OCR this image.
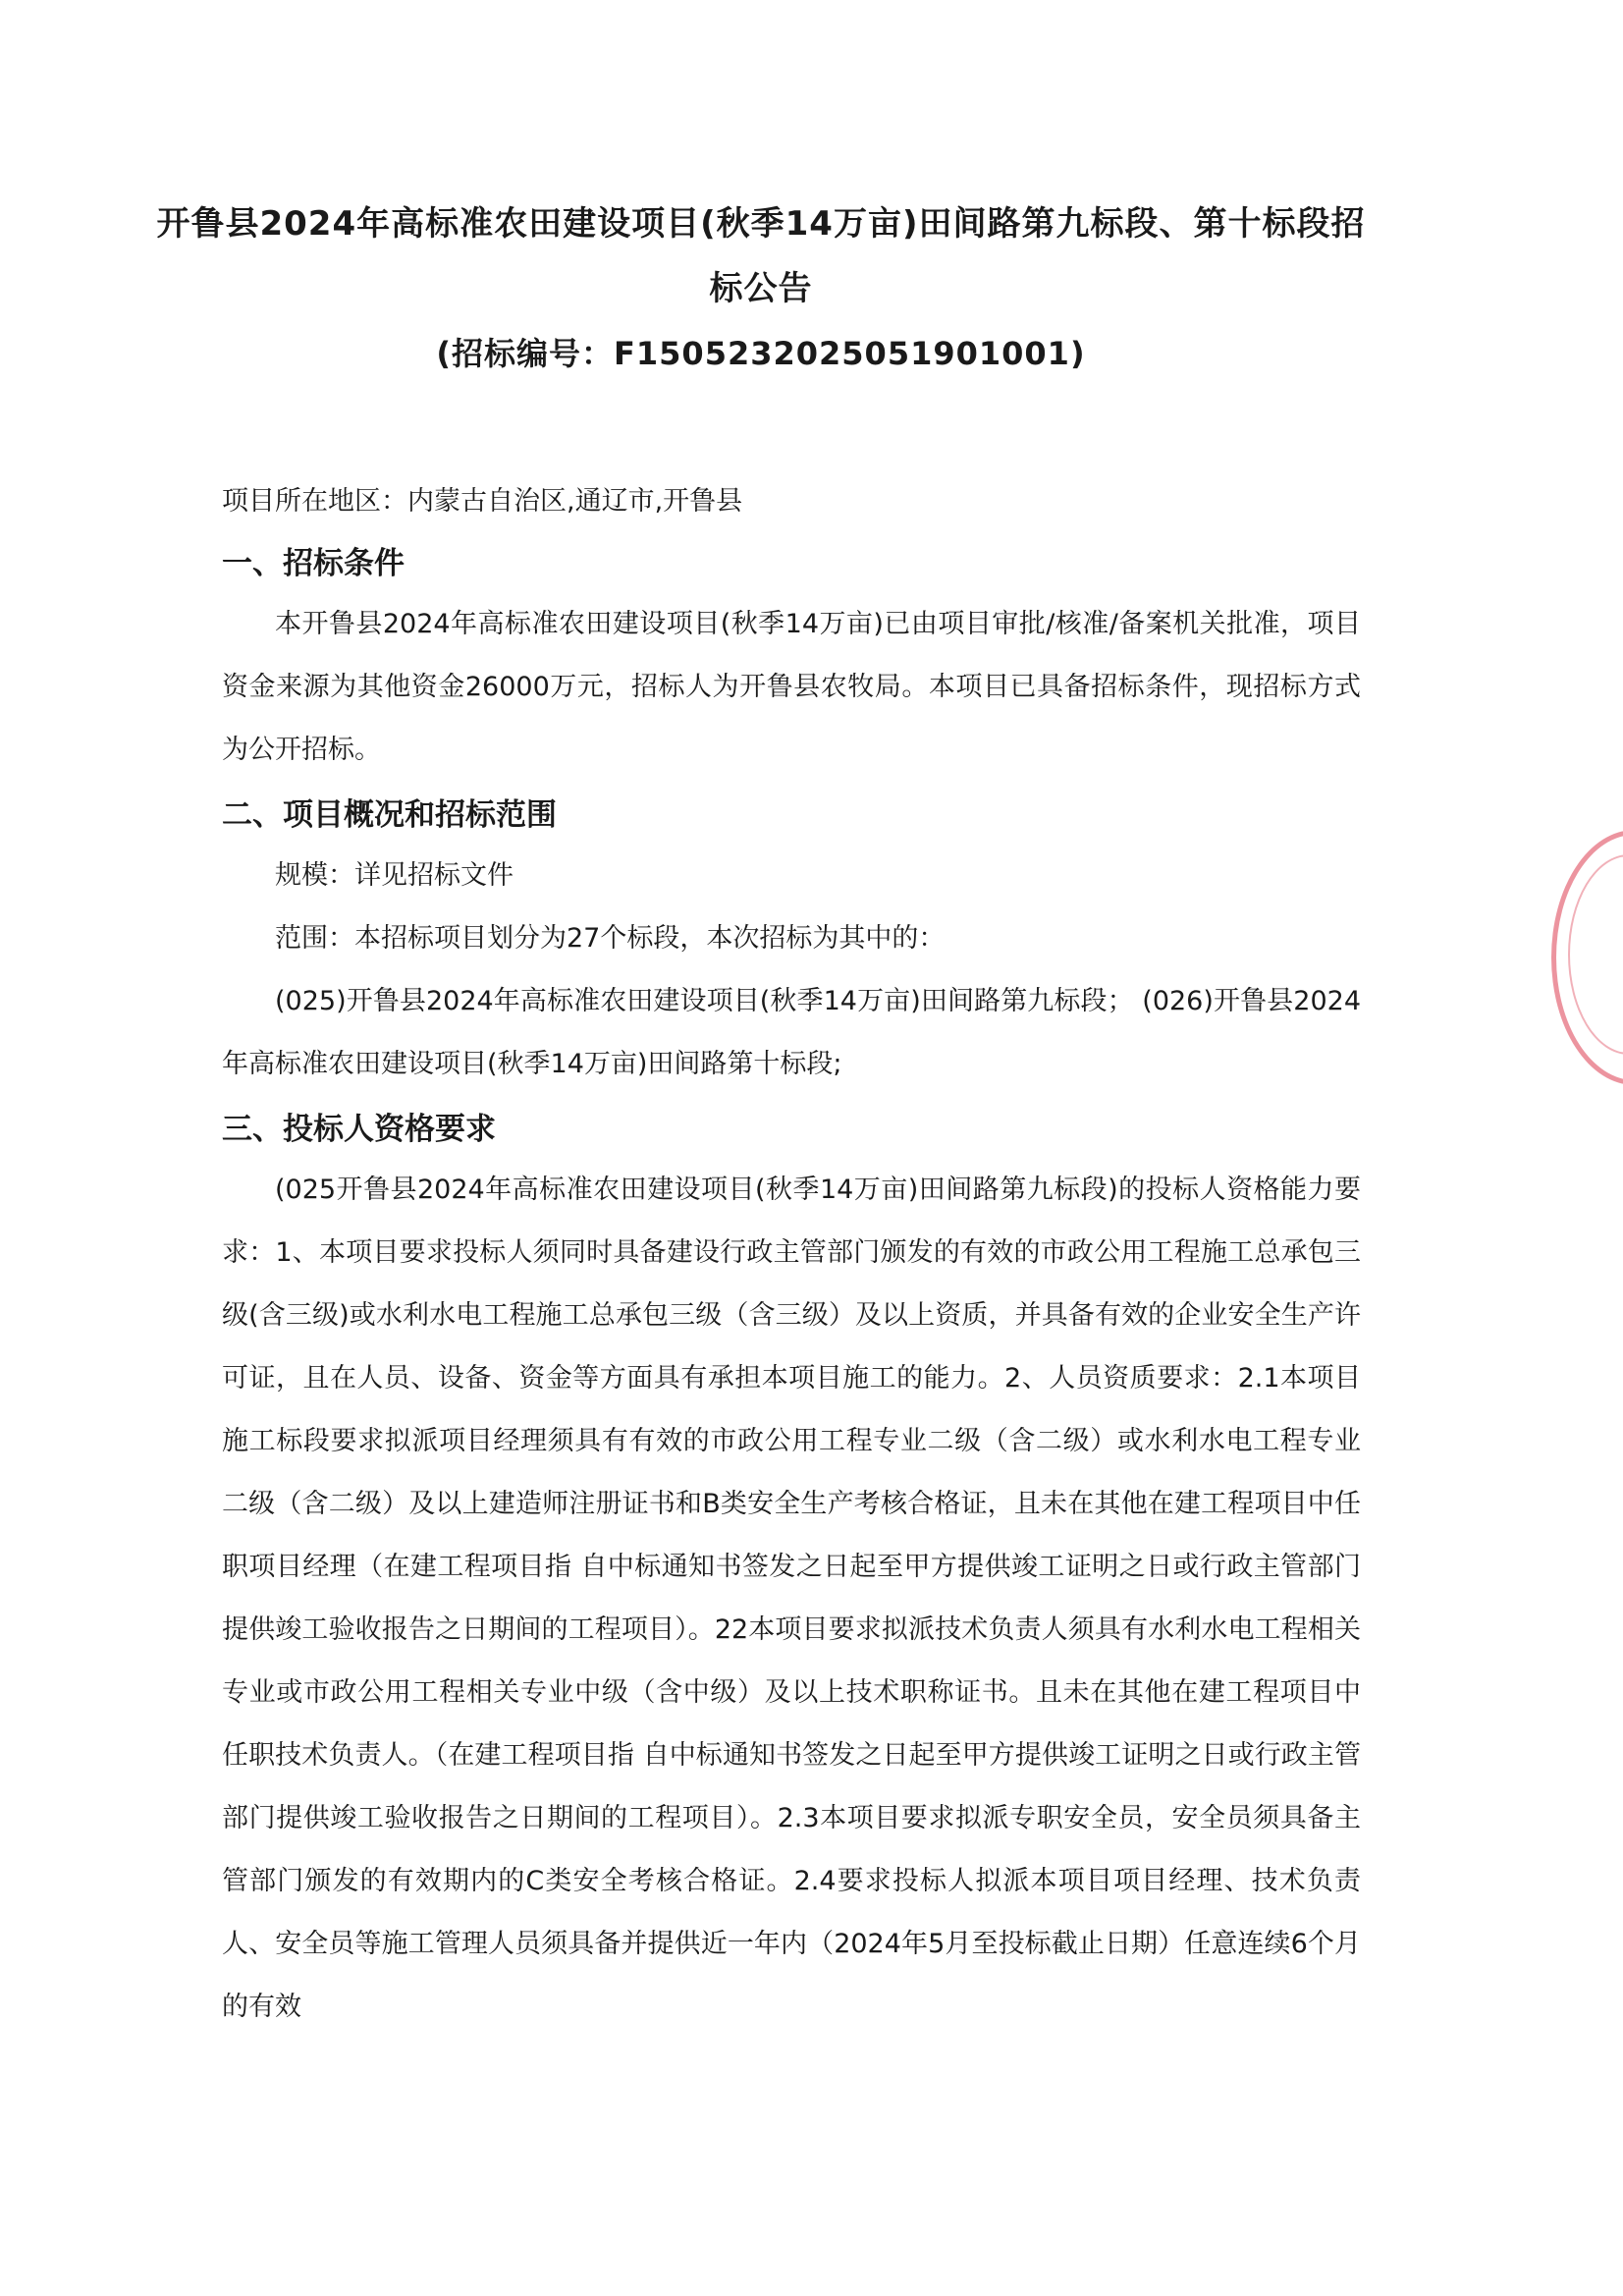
开鲁县2024年高标准农田建设项目(秋季14万亩)田间路第九标段、第十标段招
标公告
(招标编号：F1505232025051901001)
项目所在地区：内蒙古自治区,通辽市,开鲁县
一、招标条件
本开鲁县2024年高标准农田建设项目(秋季14万亩)已由项目审批/核准/备案机关批准，项目资金来源为其他资金26000万元，招标人为开鲁县农牧局。本项目已具备招标条件，现招标方式为公开招标。
二、项目概况和招标范围
规模：详见招标文件
范围：本招标项目划分为27个标段，本次招标为其中的：
(025)开鲁县2024年高标准农田建设项目(秋季14万亩)田间路第九标段； (026)开鲁县2024年高标准农田建设项目(秋季14万亩)田间路第十标段;
三、投标人资格要求
(025开鲁县2024年高标准农田建设项目(秋季14万亩)田间路第九标段)的投标人资格能力要求：1、本项目要求投标人须同时具备建设行政主管部门颁发的有效的市政公用工程施工总承包三级(含三级)或水利水电工程施工总承包三级（含三级）及以上资质，并具备有效的企业安全生产许可证，且在人员、设备、资金等方面具有承担本项目施工的能力。2、人员资质要求：2.1本项目施工标段要求拟派项目经理须具有有效的市政公用工程专业二级（含二级）或水利水电工程专业二级（含二级）及以上建造师注册证书和B类安全生产考核合格证，且未在其他在建工程项目中任职项目经理（在建工程项目指 自中标通知书签发之日起至甲方提供竣工证明之日或行政主管部门提供竣工验收报告之日期间的工程项目）。22本项目要求拟派技术负责人须具有水利水电工程相关专业或市政公用工程相关专业中级（含中级）及以上技术职称证书。且未在其他在建工程项目中任职技术负责人。（在建工程项目指 自中标通知书签发之日起至甲方提供竣工证明之日或行政主管部门提供竣工验收报告之日期间的工程项目）。2.3本项目要求拟派专职安全员，安全员须具备主管部门颁发的有效期内的C类安全考核合格证。2.4要求投标人拟派本项目项目经理、技术负责人、安全员等施工管理人员须具备并提供近一年内（2024年5月至投标截止日期）任意连续6个月的有效
